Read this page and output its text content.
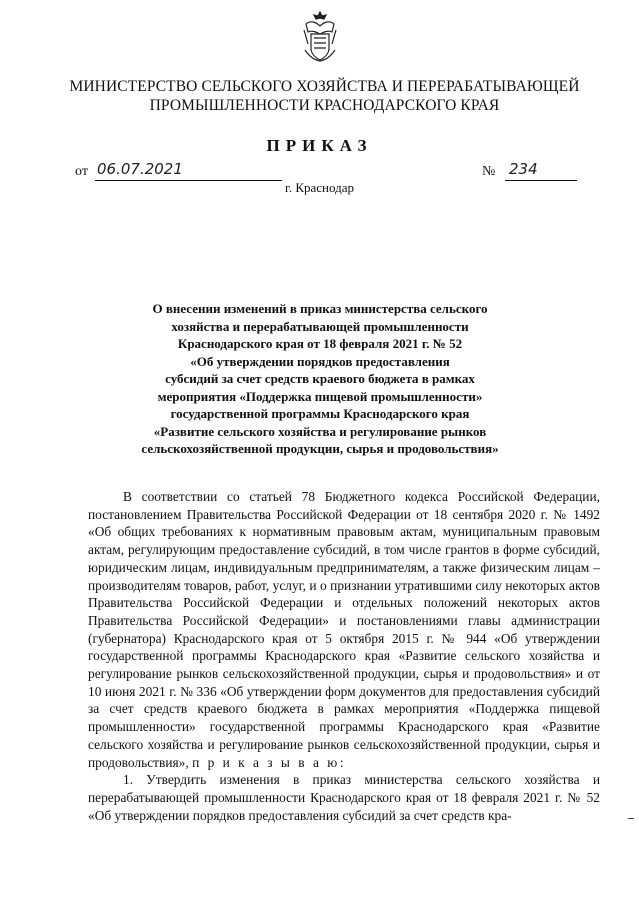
МИНИСТЕРСТВО СЕЛЬСКОГО ХОЗЯЙСТВА И ПЕРЕРАБАТЫВАЮЩЕЙ
ПРОМЫШЛЕННОСТИ КРАСНОДАРСКОГО КРАЯ
ПРИКАЗ
от 06.07.2021	№ 234
г. Краснодар
О внесении изменений в приказ министерства сельского
хозяйства и перерабатывающей промышленности
Краснодарского края от 18 февраля 2021 г. № 52
«Об утверждении порядков предоставления
субсидий за счет средств краевого бюджета в рамках
мероприятия «Поддержка пищевой промышленности»
государственной программы Краснодарского края
«Развитие сельского хозяйства и регулирование рынков
сельскохозяйственной продукции, сырья и продовольствия»

В соответствии со статьей 78 Бюджетного кодекса Российской Федерации, постановлением Правительства Российской Федерации от 18 сентября 2020 г. № 1492 «Об общих требованиях к нормативным правовым актам, муниципальным правовым актам, регулирующим предоставление субсидий, в том числе грантов в форме субсидий, юридическим лицам, индивидуальным предпринимателям, а также физическим лицам – производителям товаров, работ, услуг, и о признании утратившими силу некоторых актов Правительства Российской Федерации и отдельных положений некоторых актов Правительства Российской Федерации» и постановлениями главы администрации (губернатора) Краснодарского края от 5 октября 2015 г. № 944 «Об утверждении государственной программы Краснодарского края «Развитие сельского хозяйства и регулирование рынков сельскохозяйственной продукции, сырья и продовольствия» и от 10 июня 2021 г. № 336 «Об утверждении форм документов для предоставления субсидий за счет средств краевого бюджета в рамках мероприятия «Поддержка пищевой промышленности» государственной программы Краснодарского края «Развитие сельского хозяйства и регулирование рынков сельскохозяйственной продукции, сырья и продовольствия», п р и к а з ы в а ю:

1. Утвердить изменения в приказ министерства сельского хозяйства и перерабатывающей промышленности Краснодарского края от 18 февраля 2021 г. № 52 «Об утверждении порядков предоставления субсидий за счет средств кра-
